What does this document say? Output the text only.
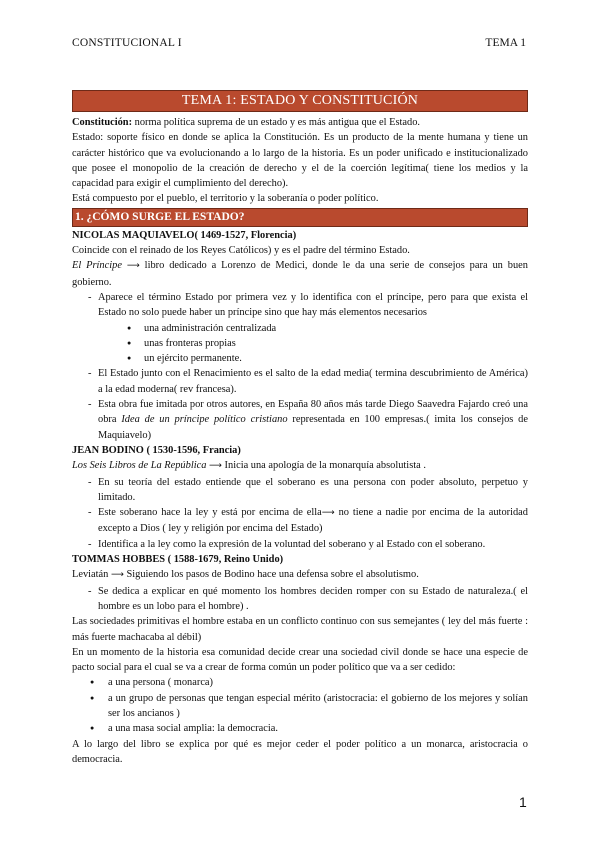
CONSTITUCIONAL I	TEMA 1
TEMA 1: ESTADO Y CONSTITUCIÓN

Constitución: norma política suprema de un estado y es más antigua que el Estado.

Estado: soporte físico en donde se aplica la Constitución. Es un producto de la mente humana y tiene un carácter histórico que va evolucionando a lo largo de la historia. Es un poder unificado e institucionalizado que posee el monopolio de la creación de derecho y el de la coerción legítima( tiene los medios y la capacidad para exigir el cumplimiento del derecho).

Está compuesto por el pueblo, el territorio y la soberanía o poder político.

1. ¿CÓMO SURGE EL ESTADO?

NICOLAS MAQUIAVELO( 1469-1527, Florencia)

Coincide con el reinado de los Reyes Católicos) y es el padre del término Estado.

El Príncipe ⟶ libro dedicado a Lorenzo de Medici, donde le da una serie de consejos para un buen gobierno.

- Aparece el término Estado por primera vez y lo identifica con el príncipe, pero para que exista el Estado no solo puede haber un príncipe sino que hay más elementos necesarios
● una administración centralizada
● unas fronteras propias
● un ejército permanente.
- El Estado junto con el Renacimiento es el salto de la edad media( termina descubrimiento de América) a la edad moderna( rev francesa).
- Esta obra fue imitada por otros autores, en España 80 años más tarde Diego Saavedra Fajardo creó una obra Idea de un príncipe político cristiano representada en 100 empresas.( imita los consejos de Maquiavelo)

JEAN BODINO ( 1530-1596, Francia)

Los Seis Libros de La República ⟶ Inicia una apología de la monarquía absolutista .

- En su teoría del estado entiende que el soberano es una persona con poder absoluto, perpetuo y limitado.
- Este soberano hace la ley y está por encima de ella⟶ no tiene a nadie por encima de la autoridad excepto a Dios ( ley y religión por encima del Estado)
- Identifica a la ley como la expresión de la voluntad del soberano y al Estado con el soberano.

TOMMAS HOBBES ( 1588-1679, Reino Unido)

Leviatán ⟶ Siguiendo los pasos de Bodino hace una defensa sobre el absolutismo.

- Se dedica a explicar en qué momento los hombres deciden romper con su Estado de naturaleza.( el hombre es un lobo para el hombre) .

Las sociedades primitivas el hombre estaba en un conflicto continuo con sus semejantes ( ley del más fuerte : más fuerte machacaba al débil)

En un momento de la historia esa comunidad decide crear una sociedad civil donde se hace una especie de pacto social para el cual se va a crear de forma común un poder político que va a ser cedido:

● a una persona ( monarca)
● a un grupo de personas que tengan especial mérito (aristocracia: el gobierno de los mejores y solían ser los ancianos )
● a una masa social amplia: la democracia.

A lo largo del libro se explica por qué es mejor ceder el poder político a un monarca, aristocracia o democracia.

1
